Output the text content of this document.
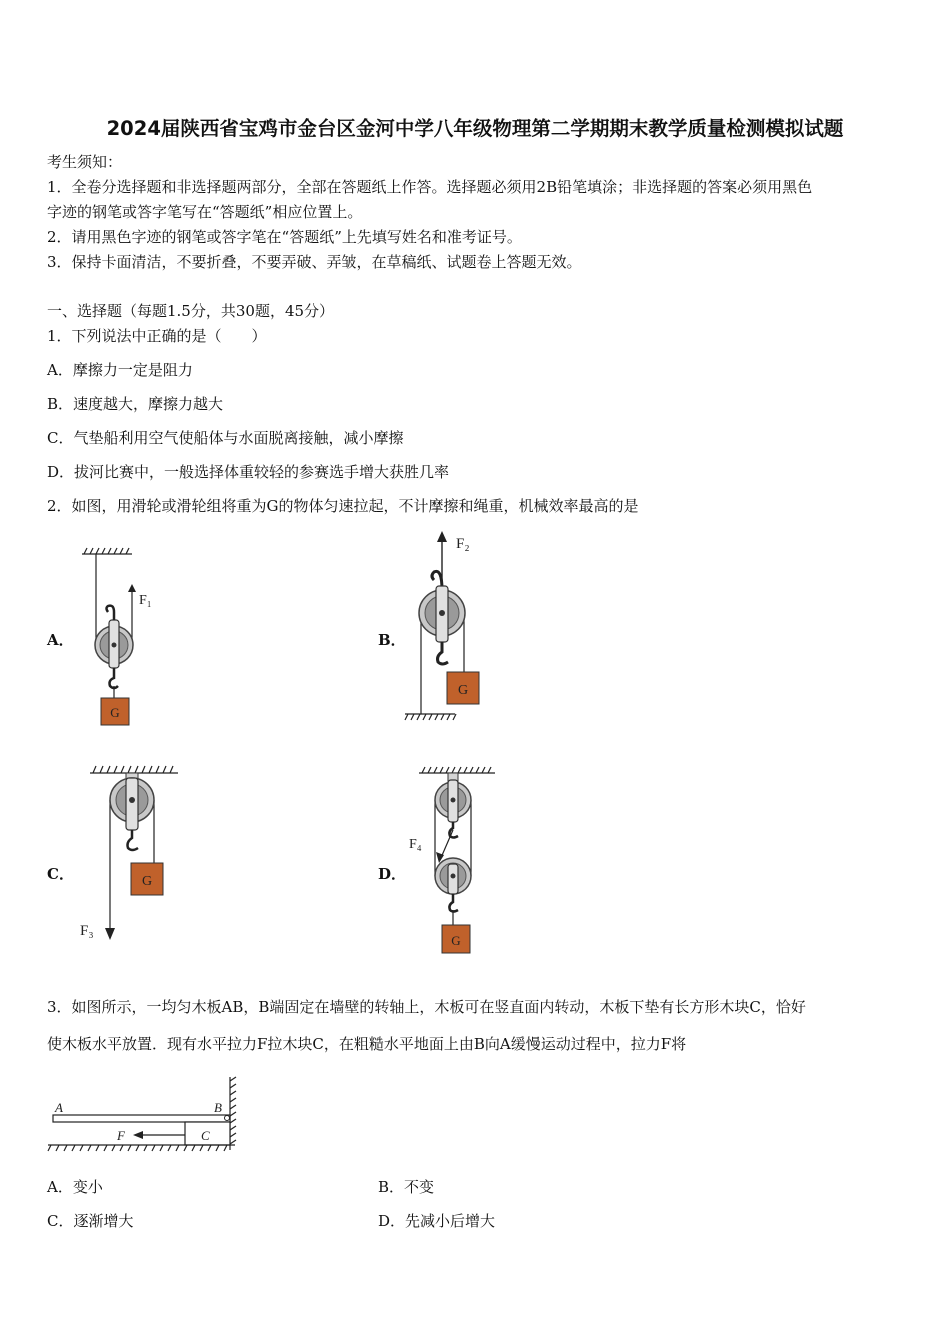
2024届陕西省宝鸡市金台区金河中学八年级物理第二学期期末教学质量检测模拟试题
考生须知：
1．全卷分选择题和非选择题两部分，全部在答题纸上作答。选择题必须用2B铅笔填涂；非选择题的答案必须用黑色
字迹的钢笔或答字笔写在“答题纸”相应位置上。
2．请用黑色字迹的钢笔或答字笔在“答题纸”上先填写姓名和准考证号。
3．保持卡面清洁，不要折叠，不要弄破、弄皱，在草稿纸、试题卷上答题无效。
一、选择题（每题1.5分，共30题，45分）
1．下列说法中正确的是（　　）
A．摩擦力一定是阻力
B．速度越大，摩擦力越大
C．气垫船利用空气使船体与水面脱离接触，减小摩擦
D．拔河比赛中，一般选择体重较轻的参赛选手增大获胜几率
2．如图，用滑轮或滑轮组将重为G的物体匀速拉起，不计摩擦和绳重，机械效率最高的是
A．	B．
C．	D．
F₁
G
F₂
G
G
F₃
F₄
G
3．如图所示，一均匀木板AB，B端固定在墙壁的转轴上，木板可在竖直面内转动，木板下垫有长方形木块C，恰好
使木板水平放置．现有水平拉力F拉木块C，在粗糙水平地面上由B向A缓慢运动过程中，拉力F将
A	B
C
F
A．变小	B．不变
C．逐渐增大	D．先减小后增大
